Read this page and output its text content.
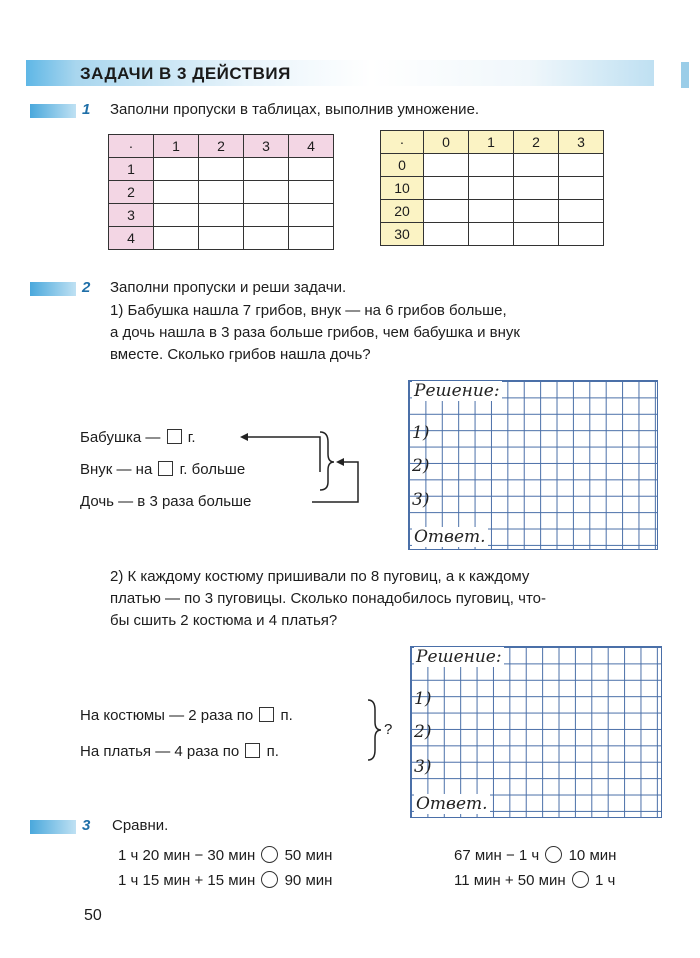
ЗАДАЧИ В 3 ДЕЙСТВИЯ
1 Заполни пропуски в таблицах, выполнив умножение.
·	1	2	3	4
1				
2				
3				
4				
·	0	1	2	3
0				
10				
20				
30				
2 Заполни пропуски и реши задачи.
1) Бабушка нашла 7 грибов, внук — на 6 грибов больше,
а дочь нашла в 3 раза больше грибов, чем бабушка и внук
вместе. Сколько грибов нашла дочь?
Бабушка — г.
Внук — на г. больше
Дочь — в 3 раза больше
Решение:
1)
2)
3)
Ответ.
2) К каждому костюму пришивали по 8 пуговиц, а к каждому
платью — по 3 пуговицы. Сколько понадобилось пуговиц, что-
бы сшить 2 костюма и 4 платья?
На костюмы — 2 раза по п.
На платья — 4 раза по п.
?
Решение:
1)
2)
3)
Ответ.
3 Сравни.
1 ч 20 мин − 30 мин 50 мин
1 ч 15 мин + 15 мин 90 мин
67 мин − 1 ч 10 мин
11 мин + 50 мин 1 ч
50
